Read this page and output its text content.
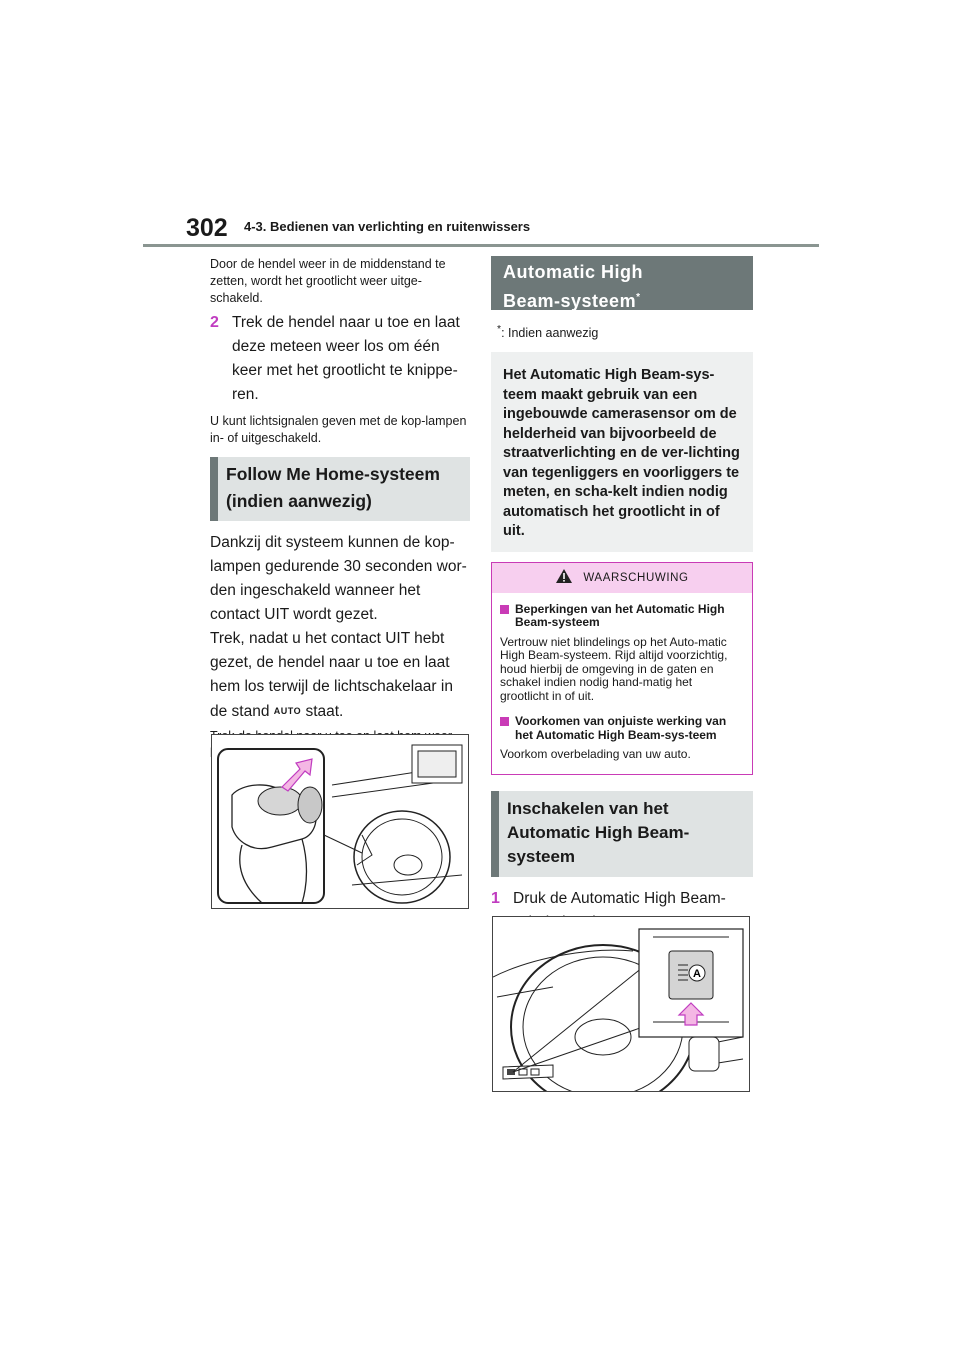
302 4-3. Bedienen van verlichting en ruitenwissers

Door de hendel weer in de middenstand te zetten, wordt het grootlicht weer uitge-schakeld.

2 Trek de hendel naar u toe en laat deze meteen weer los om één keer met het grootlicht te knippe-ren.

U kunt lichtsignalen geven met de kop-lampen in- of uitgeschakeld.

Follow Me Home-systeem (indien aanwezig)

Dankzij dit systeem kunnen de kop-lampen gedurende 30 seconden wor-den ingeschakeld wanneer het contact UIT wordt gezet.

Trek, nadat u het contact UIT hebt gezet, de hendel naar u toe en laat hem los terwijl de lichtschakelaar in de stand AUTO staat.

Automatic High
Beam-systeem*
*: Indien aanwezig
Het Automatic High Beam-sys-teem maakt gebruik van een ingebouwde camerasensor om de helderheid van bijvoorbeeld de straatverlichting en de ver-lichting van tegenliggers en voorliggers te meten, en scha-kelt indien nodig automatisch het grootlicht in of uit.
WAARSCHUWING
Beperkingen van het Automatic High Beam-systeem

Vertrouw niet blindelings op het Auto-matic High Beam-systeem. Rijd altijd voorzichtig, houd hierbij de omgeving in de gaten en schakel indien nodig hand-matig het grootlicht in of uit.

Voorkomen van onjuiste werking van het Automatic High Beam-sys-teem

Voorkom overbelading van uw auto.

Inschakelen van het Automatic High Beam-systeem
1 Druk de Automatic High Beam-
A
